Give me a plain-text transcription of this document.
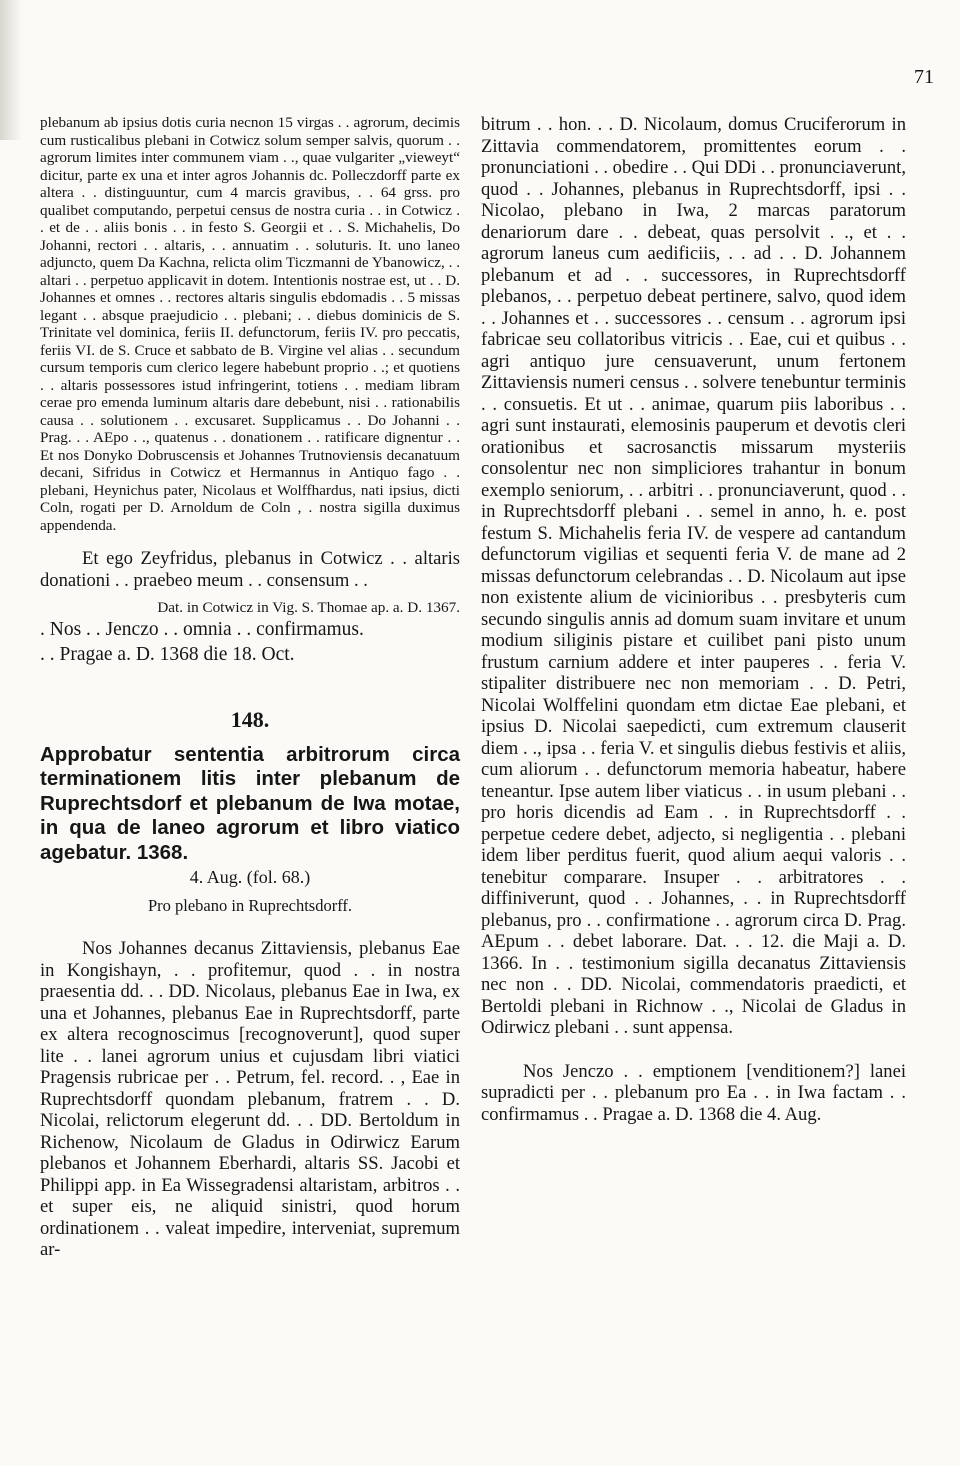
71

plebanum ab ipsius dotis curia necnon 15 virgas . . agrorum, decimis cum rusticalibus plebani in Cotwicz solum semper salvis, quorum . . agrorum limites inter communem viam . ., quae vulgariter „vieweyt“ dicitur, parte ex una et inter agros Johannis dc. Polleczdorff parte ex altera . . distinguuntur, cum 4 marcis gravibus, . . 64 grss. pro qualibet computando, perpetui census de nostra curia . . in Cotwicz . . et de . . aliis bonis . . in festo S. Georgii et . . S. Michahelis, Do Johanni, rectori . . altaris, . . annuatim . . soluturis. It. uno laneo adjuncto, quem Da Kachna, relicta olim Ticzmanni de Ybanowicz, . . altari . . perpetuo applicavit in dotem. Intentionis nostrae est, ut . . D. Johannes et omnes . . rectores altaris singulis ebdomadis . . 5 missas legant . . absque praejudicio . . plebani; . . diebus dominicis de S. Trinitate vel dominica, feriis II. defunctorum, feriis IV. pro peccatis, feriis VI. de S. Cruce et sabbato de B. Virgine vel alias . . secundum cursum temporis cum clerico legere habebunt proprio . .; et quotiens . . altaris possessores istud infringerint, totiens . . mediam libram cerae pro emenda luminum altaris dare debebunt, nisi . . rationabilis causa . . solutionem . . excusaret. Supplicamus . . Do Johanni . . Prag. . . AEpo . ., quatenus . . donationem . . ratificare dignentur . . Et nos Donyko Dobruscensis et Johannes Trutnoviensis decanatuum decani, Sifridus in Cotwicz et Hermannus in Antiquo fago . . plebani, Heynichus pater, Nicolaus et Wolffhardus, nati ipsius, dicti Coln, rogati per D. Arnoldum de Coln , . nostra sigilla duximus appendenda.

Et ego Zeyfridus, plebanus in Cotwicz . . altaris donationi . . praebeo meum . . consensum . .

Dat. in Cotwicz in Vig. S. Thomae ap. a. D. 1367.

. Nos . . Jenczo . . omnia . . confirmamus.

. . Pragae a. D. 1368 die 18. Oct.

148.

Approbatur sententia arbitrorum circa terminationem litis inter plebanum de Ruprechtsdorf et plebanum de Iwa motae, in qua de laneo agrorum et libro viatico agebatur. 1368.

4. Aug. (fol. 68.)
Pro plebano in Ruprechtsdorff.

Nos Johannes decanus Zittaviensis, plebanus Eae in Kongishayn, . . profitemur, quod . . in nostra praesentia dd. . . DD. Nicolaus, plebanus Eae in Iwa, ex una et Johannes, plebanus Eae in Ruprechtsdorff, parte ex altera recognoscimus [recognoverunt], quod super lite . . lanei agrorum unius et cujusdam libri viatici Pragensis rubricae per . . Petrum, fel. record. . , Eae in Ruprechtsdorff quondam plebanum, fratrem . . D. Nicolai, relictorum elegerunt dd. . . DD. Bertoldum in Richenow, Nicolaum de Gladus in Odirwicz Earum plebanos et Johannem Eberhardi, altaris SS. Jacobi et Philippi app. in Ea Wissegradensi altaristam, arbitros . . et super eis, ne aliquid sinistri, quod horum ordinationem . . valeat impedire, interveniat, supremum ar-

bitrum . . hon. . . D. Nicolaum, domus Cruciferorum in Zittavia commendatorem, promittentes eorum . . pronunciationi . . obedire . . Qui DDi . . pronunciaverunt, quod . . Johannes, plebanus in Ruprechtsdorff, ipsi . . Nicolao, plebano in Iwa, 2 marcas paratorum denariorum dare . . debeat, quas persolvit . ., et . . agrorum laneus cum aedificiis, . . ad . . D. Johannem plebanum et ad . . successores, in Ruprechtsdorff plebanos, . . perpetuo debeat pertinere, salvo, quod idem . . Johannes et . . successores . . censum . . agrorum ipsi fabricae seu collatoribus vitricis . . Eae, cui et quibus . . agri antiquo jure censuaverunt, unum fertonem Zittaviensis numeri census . . solvere tenebuntur terminis . . consuetis. Et ut . . animae, quarum piis laboribus . . agri sunt instaurati, elemosinis pauperum et devotis cleri orationibus et sacrosanctis missarum mysteriis consolentur nec non simpliciores trahantur in bonum exemplo seniorum, . . arbitri . . pronunciaverunt, quod . . in Ruprechtsdorff plebani . . semel in anno, h. e. post festum S. Michahelis feria IV. de vespere ad cantandum defunctorum vigilias et sequenti feria V. de mane ad 2 missas defunctorum celebrandas . . D. Nicolaum aut ipse non existente alium de vicinioribus . . presbyteris cum secundo singulis annis ad domum suam invitare et unum modium siliginis pistare et cuilibet pani pisto unum frustum carnium addere et inter pauperes . . feria V. stipaliter distribuere nec non memoriam . . D. Petri, Nicolai Wolffelini quondam etm dictae Eae plebani, et ipsius D. Nicolai saepedicti, cum extremum clauserit diem . ., ipsa . . feria V. et singulis diebus festivis et aliis, cum aliorum . . defunctorum memoria habeatur, habere teneantur. Ipse autem liber viaticus . . in usum plebani . . pro horis dicendis ad Eam . . in Ruprechtsdorff . . perpetue cedere debet, adjecto, si negligentia . . plebani idem liber perditus fuerit, quod alium aequi valoris . . tenebitur comparare. Insuper . . arbitratores . . diffiniverunt, quod . . Johannes, . . in Ruprechtsdorff plebanus, pro . . confirmatione . . agrorum circa D. Prag. AEpum . . debet laborare. Dat. . . 12. die Maji a. D. 1366. In . . testimonium sigilla decanatus Zittaviensis nec non . . DD. Nicolai, commendatoris praedicti, et Bertoldi plebani in Richnow . ., Nicolai de Gladus in Odirwicz plebani . . sunt appensa.

Nos Jenczo . . emptionem [venditionem?] lanei supradicti per . . plebanum pro Ea . . in Iwa factam . . confirmamus . . Pragae a. D. 1368 die 4. Aug.
